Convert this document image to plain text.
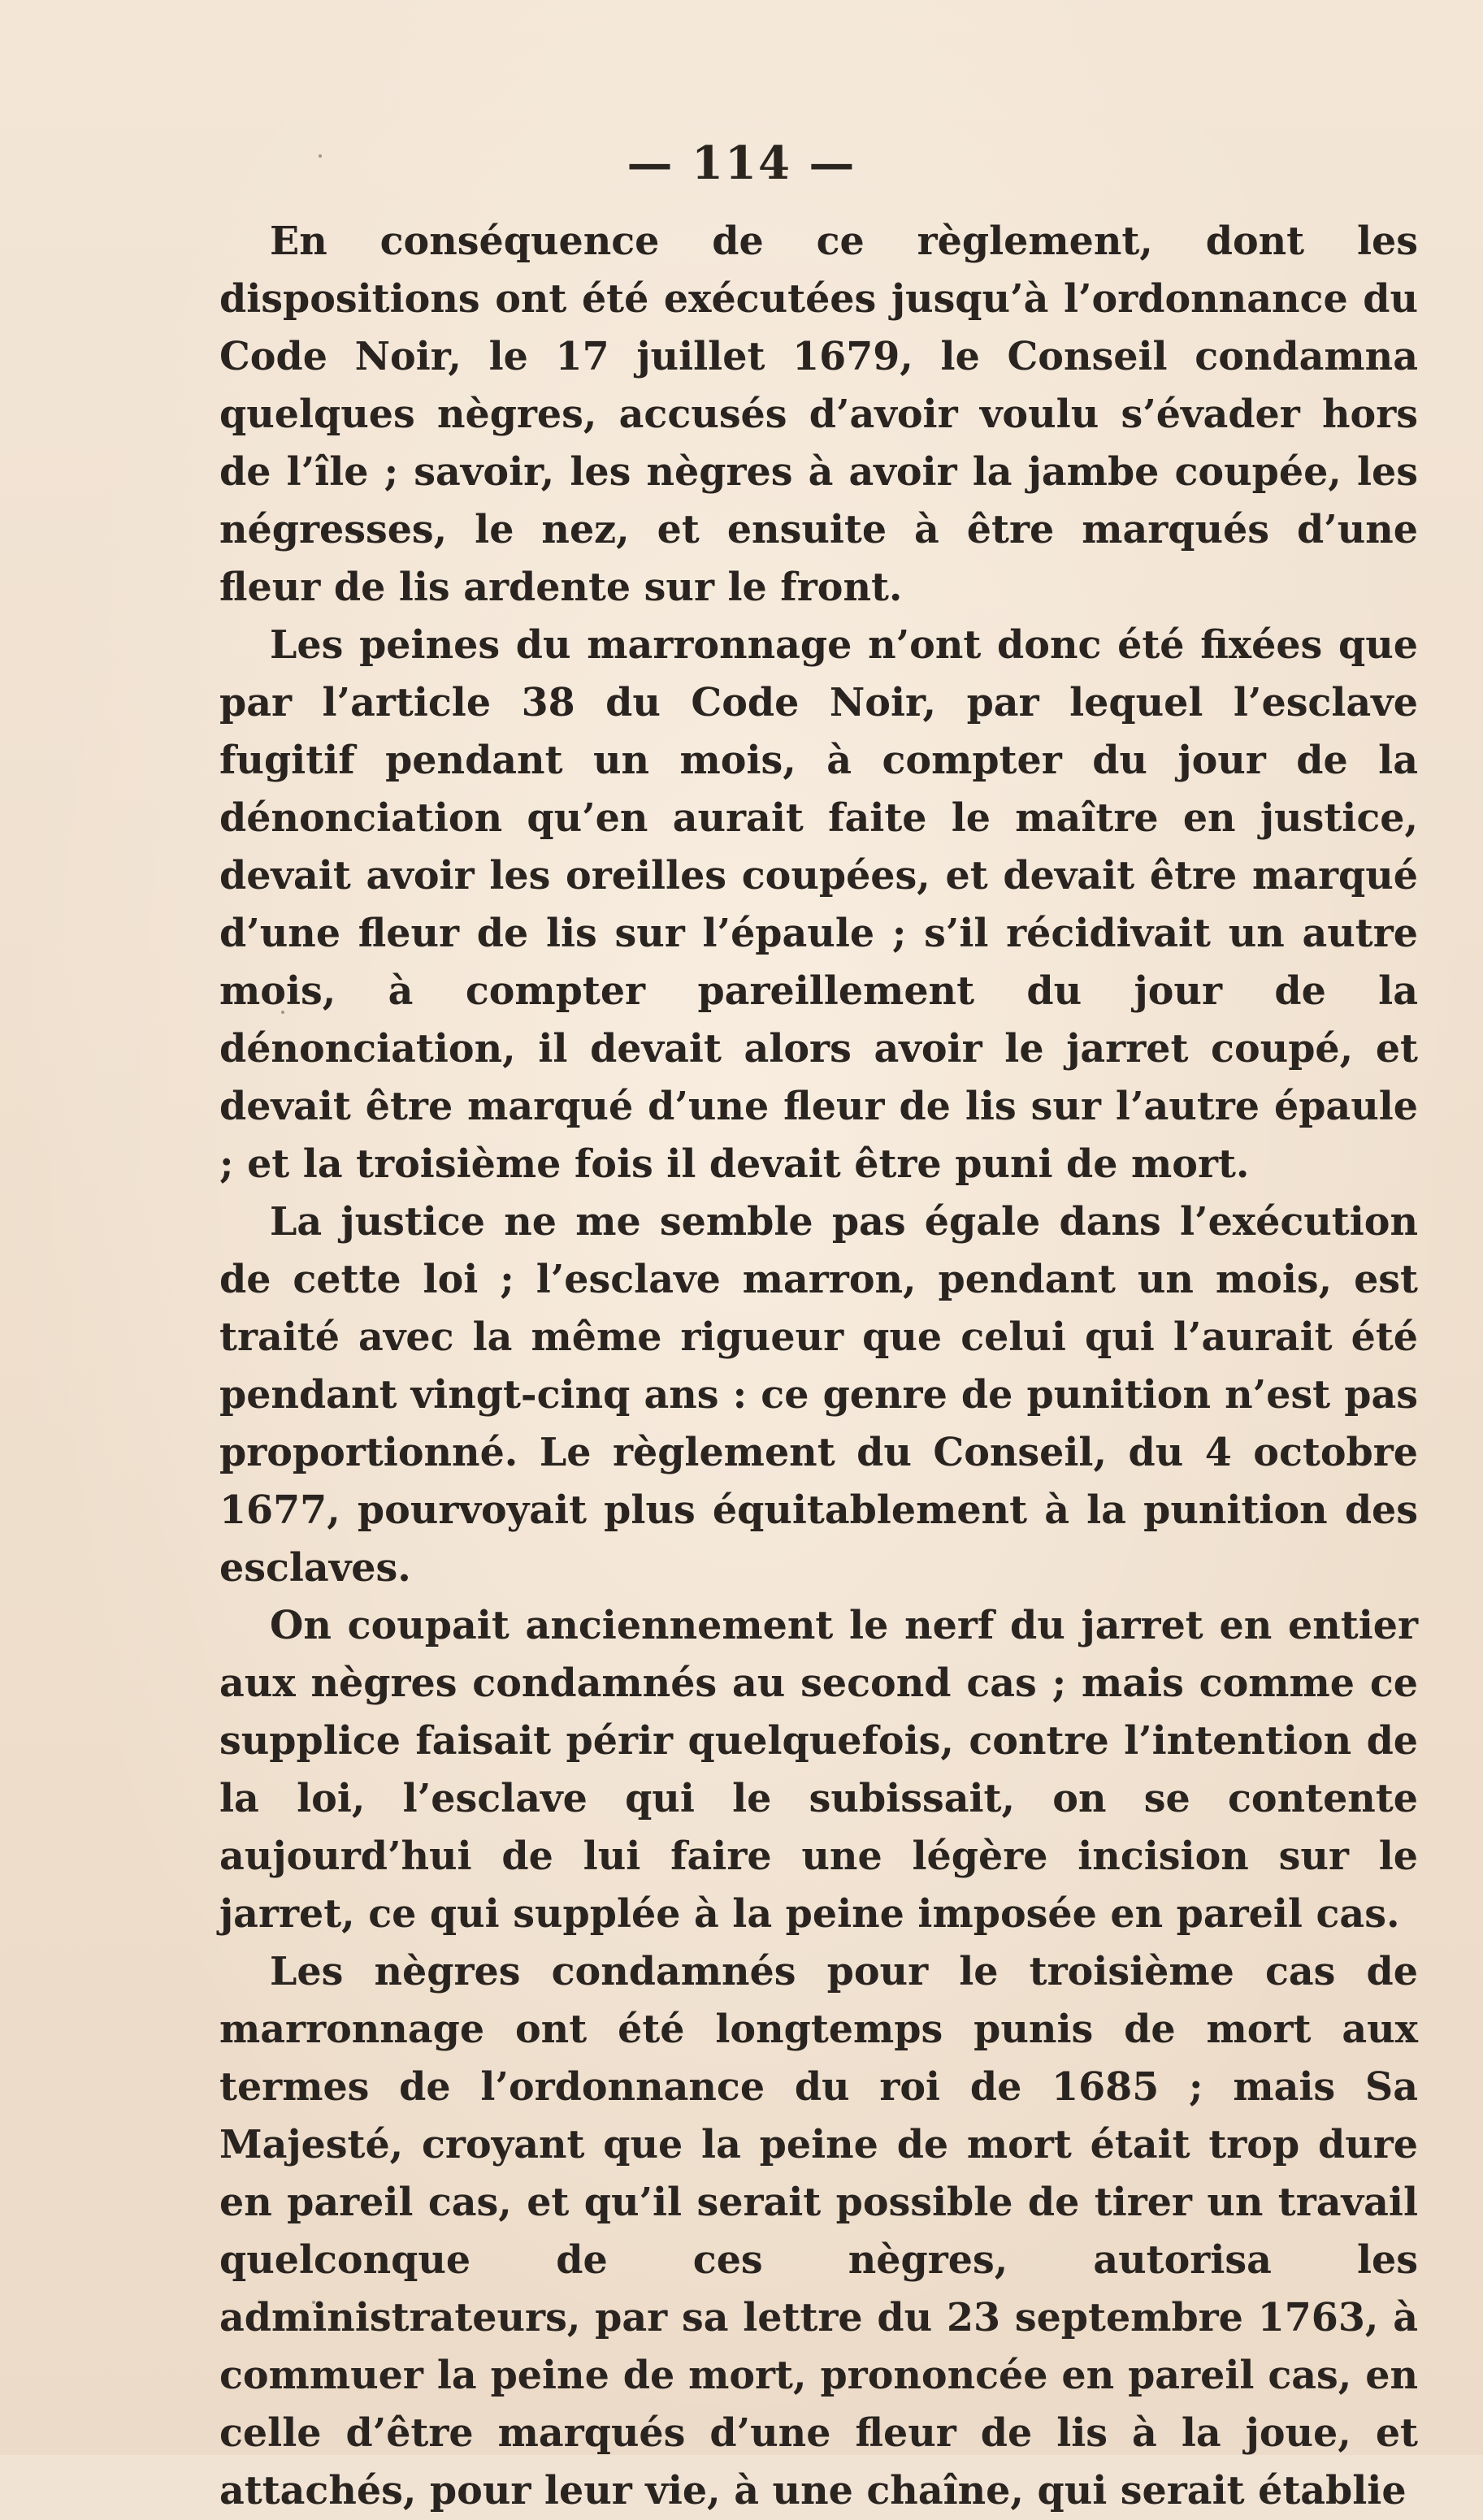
— 114 —

En conséquence de ce règlement, dont les dispositions ont été exécutées jusqu’à l’ordonnance du Code Noir, le 17 juillet 1679, le Conseil condamna quelques nègres, accusés d’avoir voulu s’évader hors de l’île ; savoir, les nègres à avoir la jambe coupée, les négresses, le nez, et ensuite à être marqués d’une fleur de lis ardente sur le front.

Les peines du marronnage n’ont donc été fixées que par l’article 38 du Code Noir, par lequel l’esclave fugitif pendant un mois, à compter du jour de la dénonciation qu’en aurait faite le maître en justice, devait avoir les oreilles coupées, et devait être marqué d’une fleur de lis sur l’épaule ; s’il récidivait un autre mois, à compter pareillement du jour de la dénonciation, il devait alors avoir le jarret coupé, et devait être marqué d’une fleur de lis sur l’autre épaule ; et la troisième fois il devait être puni de mort.

La justice ne me semble pas égale dans l’exécution de cette loi ; l’esclave marron, pendant un mois, est traité avec la même rigueur que celui qui l’aurait été pendant vingt-cinq ans : ce genre de punition n’est pas proportionné. Le règlement du Conseil, du 4 octobre 1677, pourvoyait plus équitablement à la punition des esclaves.

On coupait anciennement le nerf du jarret en entier aux nègres condamnés au second cas ; mais comme ce supplice faisait périr quelquefois, contre l’intention de la loi, l’esclave qui le subissait, on se contente aujourd’hui de lui faire une légère incision sur le jarret, ce qui supplée à la peine imposée en pareil cas.

Les nègres condamnés pour le troisième cas de marronnage ont été longtemps punis de mort aux termes de l’ordonnance du roi de 1685 ; mais Sa Majesté, croyant que la peine de mort était trop dure en pareil cas, et qu’il serait possible de tirer un travail quelconque de ces nègres, autorisa les administrateurs, par sa lettre du 23 septembre 1763, à commuer la peine de mort, prononcée en pareil cas, en celle d’être marqués d’une fleur de lis à la joue, et attachés, pour leur vie, à une chaîne, qui serait établie
